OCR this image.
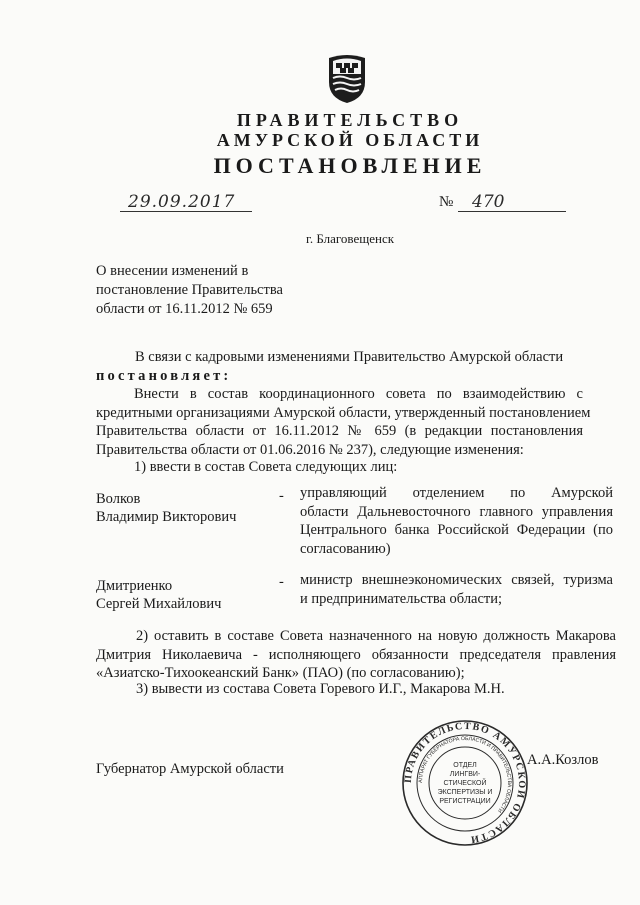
ПРАВИТЕЛЬСТВО
АМУРСКОЙ ОБЛАСТИ
ПОСТАНОВЛЕНИЕ
29.09.2017	№	470
г. Благовещенск
О внесении изменений в
постановление Правительства
области от 16.11.2012 № 659
В связи с кадровыми изменениями Правительство Амурской области
постановляет:
Внести в состав координационного совета по взаимодействию с
кредитными организациями Амурской области, утвержденный постановлением
Правительства области от 16.11.2012 № 659 (в редакции постановления
Правительства области от 01.06.2016 № 237), следующие изменения:
1) ввести в состав Совета следующих лиц:
Волков
Владимир Викторович
- управляющий отделением по Амурской
области Дальневосточного главного управления
Центрального банка Российской Федерации (по
согласованию)
Дмитриенко
Сергей Михайлович
- министр внешнеэкономических связей, туризма
и предпринимательства области;
2) оставить в составе Совета назначенного на новую должность Макарова
Дмитрия Николаевича - исполняющего обязанности председателя правления
«Азиатско-Тихоокеанский Банк» (ПАО) (по согласованию);
3) вывести из состава Совета Горевого И.Г., Макарова М.Н.
Губернатор Амурской области
А.А.Козлов
ПРАВИТЕЛЬСТВО АМУРСКОЙ ОБЛАСТИ
АППАРАТ ГУБЕРНАТОРА ОБЛАСТИ И ПРАВИТЕЛЬСТВА ОБЛАСТИ
ОТДЕЛ
ЛИНГВИ-
СТИЧЕСКОЙ
ЭКСПЕРТИЗЫ И
РЕГИСТРАЦИИ
